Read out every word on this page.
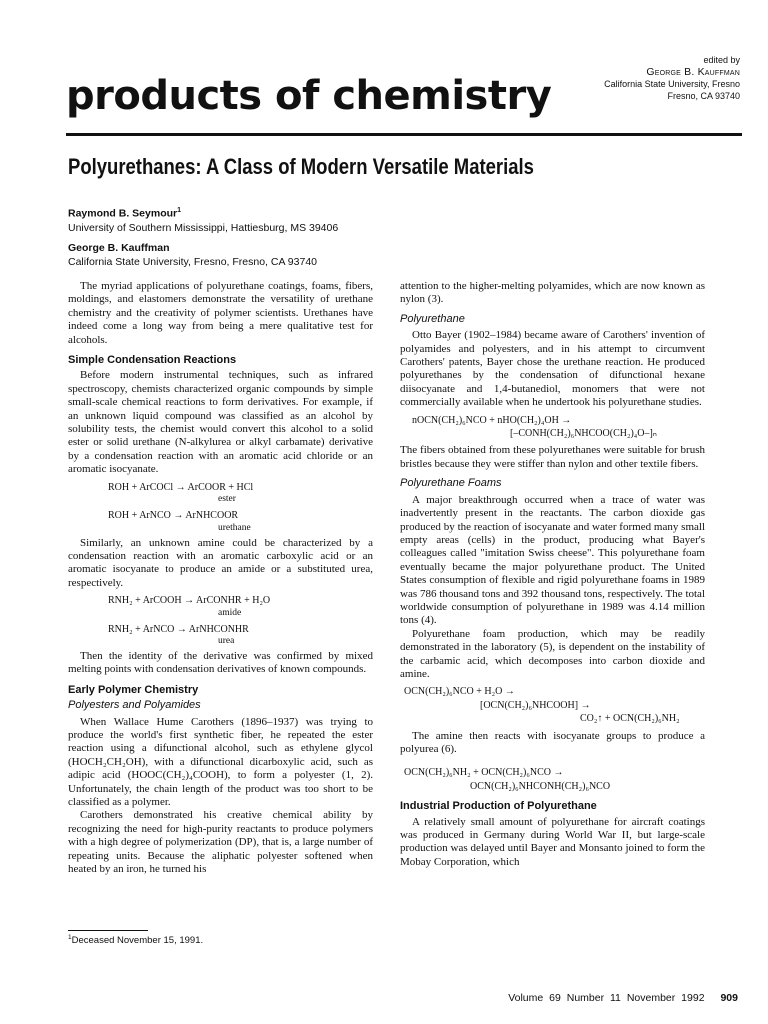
edited by
George B. Kauffman
California State University, Fresno
Fresno, CA 93740
products of chemistry
Polyurethanes: A Class of Modern Versatile Materials
Raymond B. Seymour$^1$
University of Southern Mississippi, Hattiesburg, MS 39406
George B. Kauffman
California State University, Fresno, Fresno, CA 93740

The myriad applications of polyurethane coatings, foams, fibers, moldings, and elastomers demonstrate the versatility of urethane chemistry and the creativity of polymer scientists. Urethanes have indeed come a long way from being a mere qualitative test for alcohols.

Simple Condensation Reactions

Before modern instrumental techniques, such as infrared spectroscopy, chemists characterized organic compounds by simple small-scale chemical reactions to form derivatives. For example, if an unknown liquid compound was classified as an alcohol by solubility tests, the chemist would convert this alcohol to a solid ester or solid urethane (N-alkylurea or alkyl carbamate) derivative by a condensation reaction with an aromatic acid chloride or an aromatic isocyanate.

ROH + ArCOCl → ArCOOR + HCl
ester
ROH + ArNCO → ArNHCOOR
urethane

Similarly, an unknown amine could be characterized by a condensation reaction with an aromatic carboxylic acid or an aromatic isocyanate to produce an amide or a substituted urea, respectively.

RNH₂ + ArCOOH → ArCONHR + H₂O
amide
RNH₂ + ArNCO → ArNHCONHR
urea

Then the identity of the derivative was confirmed by mixed melting points with condensation derivatives of known compounds.

Early Polymer Chemistry
Polyesters and Polyamides

When Wallace Hume Carothers (1896–1937) was trying to produce the world's first synthetic fiber, he repeated the ester reaction using a difunctional alcohol, such as ethylene glycol (HOCH₂CH₂OH), with a difunctional dicarboxylic acid, such as adipic acid (HOOC(CH₂)₄COOH), to form a polyester (1, 2). Unfortunately, the chain length of the product was too short to be classified as a polymer.

Carothers demonstrated his creative chemical ability by recognizing the need for high-purity reactants to produce polymers with a high degree of polymerization (DP), that is, a large number of repeating units. Because the aliphatic polyester softened when heated by an iron, he turned his

attention to the higher-melting polyamides, which are now known as nylon (3).

Polyurethane

Otto Bayer (1902–1984) became aware of Carothers' invention of polyamides and polyesters, and in his attempt to circumvent Carothers' patents, Bayer chose the urethane reaction. He produced polyurethanes by the condensation of difunctional hexane diisocyanate and 1,4-butanediol, monomers that were not commercially available when he undertook his polyurethane studies.

nOCN(CH₂)₆NCO + nHO(CH₂)₄OH →
[–CONH(CH₂)₆NHCOO(CH₂)₄O–]ₙ

The fibers obtained from these polyurethanes were suitable for brush bristles because they were stiffer than nylon and other textile fibers.

Polyurethane Foams

A major breakthrough occurred when a trace of water was inadvertently present in the reactants. The carbon dioxide gas produced by the reaction of isocyanate and water formed many small empty areas (cells) in the product, producing what Bayer's colleagues called "imitation Swiss cheese". This polyurethane foam eventually became the major polyurethane product. The United States consumption of flexible and rigid polyurethane foams in 1989 was 786 thousand tons and 392 thousand tons, respectively. The total worldwide consumption of polyurethane in 1989 was 4.14 million tons (4).

Polyurethane foam production, which may be readily demonstrated in the laboratory (5), is dependent on the instability of the carbamic acid, which decomposes into carbon dioxide and amine.

OCN(CH₂)₆NCO + H₂O →
[OCN(CH₂)₆NHCOOH] →
CO₂↑ + OCN(CH₂)₆NH₂

The amine then reacts with isocyanate groups to produce a polyurea (6).

OCN(CH₂)₆NH₂ + OCN(CH₂)₆NCO →
OCN(CH₂)₆NHCONH(CH₂)₆NCO
Industrial Production of Polyurethane

A relatively small amount of polyurethane for aircraft coatings was produced in Germany during World War II, but large-scale production was delayed until Bayer and Monsanto joined to form the Mobay Corporation, which

$^1$Deceased November 15, 1991.
Volume 69 Number 11 November 1992 909
